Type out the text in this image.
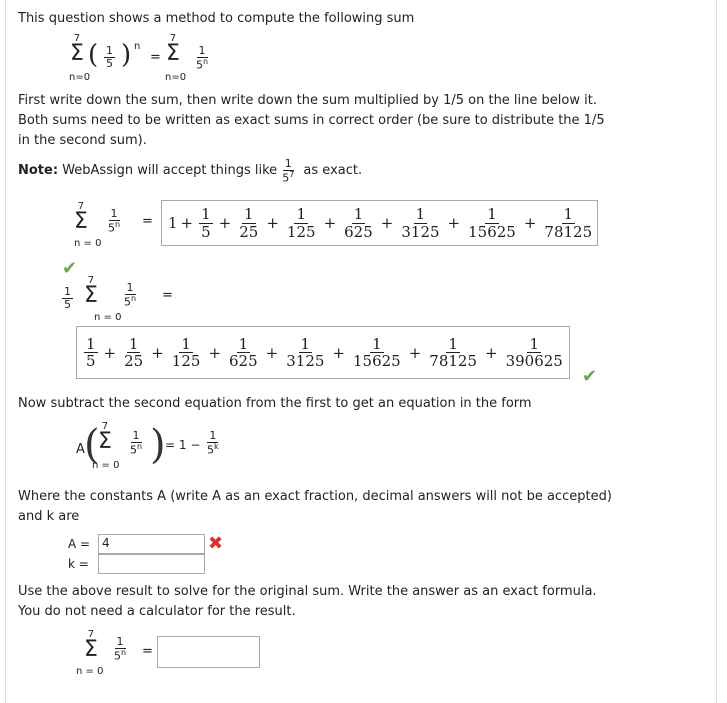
This question shows a method to compute the following sum
7
Σ
n=0
( $\frac{1}{5}$ ) n
=
7
Σ
n=0
$\frac{1}{5^n}$
First write down the sum, then write down the sum multiplied by 1/5 on the line below it.
Both sums need to be written as exact sums in correct order (be sure to distribute the 1/5
in the second sum).
Note:
WebAssign will accept things like $\frac{1}{5^7}$
as exact.
7
Σ
n = 0
$\frac{1}{5^n} = 1 + \frac{1}{5} + \frac{1}{25} + \frac{1}{125} + \frac{1}{625} + \frac{1}{3125} + \frac{1}{15625} + \frac{1}{78125}$
✔
$\frac{1}{5}$
7
Σ
n = 0
$\frac{1}{5^n}$ =
$\frac{1}{5} + \frac{1}{25} + \frac{1}{125} + \frac{1}{625} + \frac{1}{3125} + \frac{1}{15625} + \frac{1}{78125} + \frac{1}{390625}$
✔
Now subtract the second equation from the first to get an equation in the form
A ( 7
Σ
n = 0
$\frac{1}{5^n}$ ) = $1 - \frac{1}{5^k}$
Where the constants A (write A as an exact fraction, decimal answers will not be accepted)
and k are
A = 4	✖
k =
Use the above result to solve for the original sum. Write the answer as an exact formula.
You do not need a calculator for the result.
7
Σ
n = 0
$\frac{1}{5^n}$ =
